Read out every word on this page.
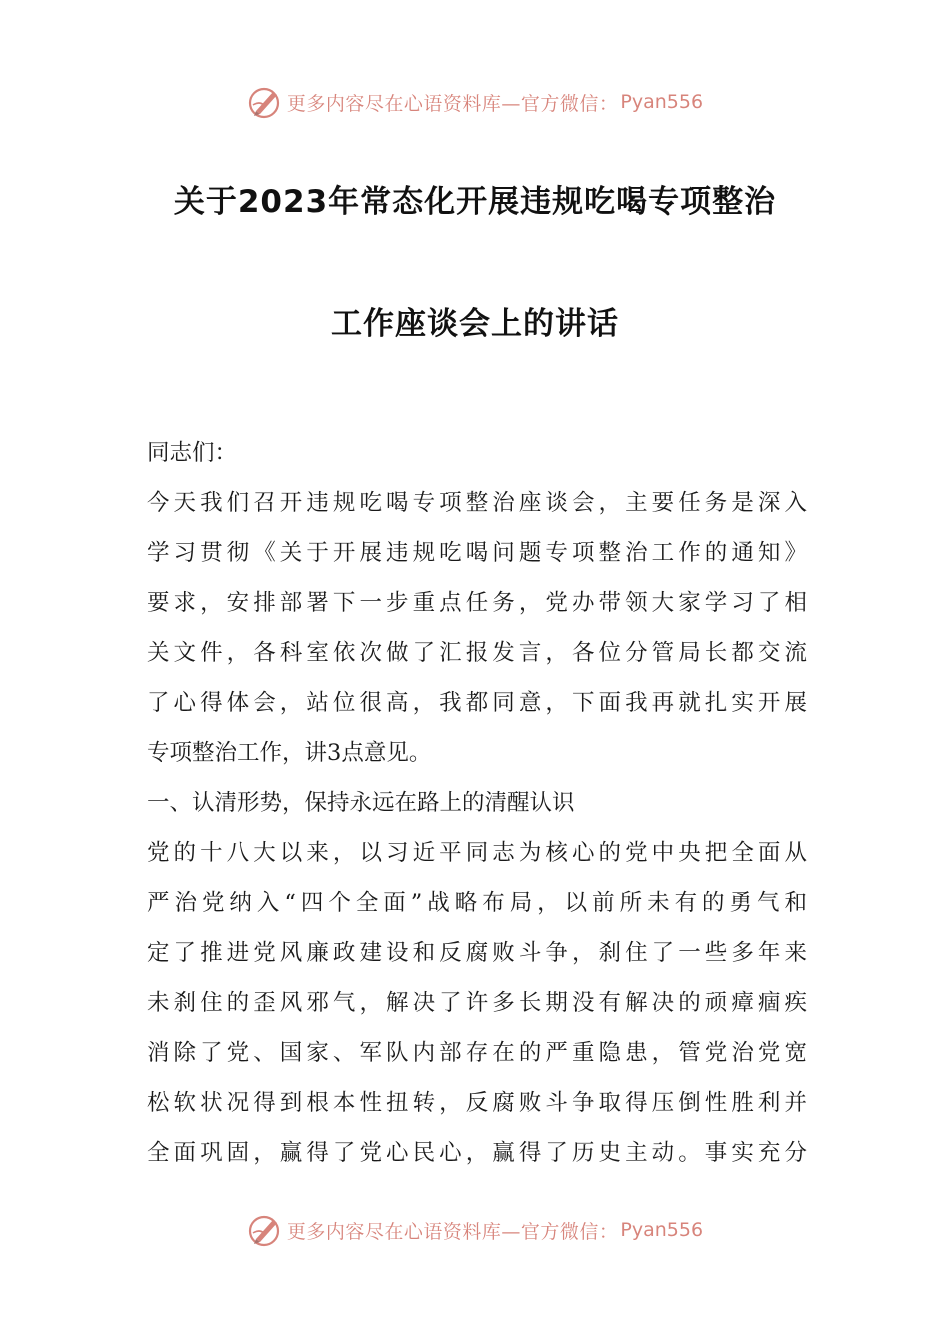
更多内容尽在心语资料库—官方微信： Pyan556
关于2023年常态化开展违规吃喝专项整治
工作座谈会上的讲话
同志们：
今天我们召开违规吃喝专项整治座谈会，主要任务是深入
学习贯彻《关于开展违规吃喝问题专项整治工作的通知》
要求，安排部署下一步重点任务，党办带领大家学习了相
关文件，各科室依次做了汇报发言，各位分管局长都交流
了心得体会，站位很高，我都同意，下面我再就扎实开展
专项整治工作，讲3点意见。
一、认清形势，保持永远在路上的清醒认识
党的十八大以来，以习近平同志为核心的党中央把全面从
严治党纳入“四个全面”战略布局，以前所未有的勇气和
定了推进党风廉政建设和反腐败斗争，刹住了一些多年来
未刹住的歪风邪气，解决了许多长期没有解决的顽瘴痼疾
消除了党、国家、军队内部存在的严重隐患，管党治党宽
松软状况得到根本性扭转，反腐败斗争取得压倒性胜利并
全面巩固，赢得了党心民心，赢得了历史主动。事实充分
更多内容尽在心语资料库—官方微信： Pyan556
